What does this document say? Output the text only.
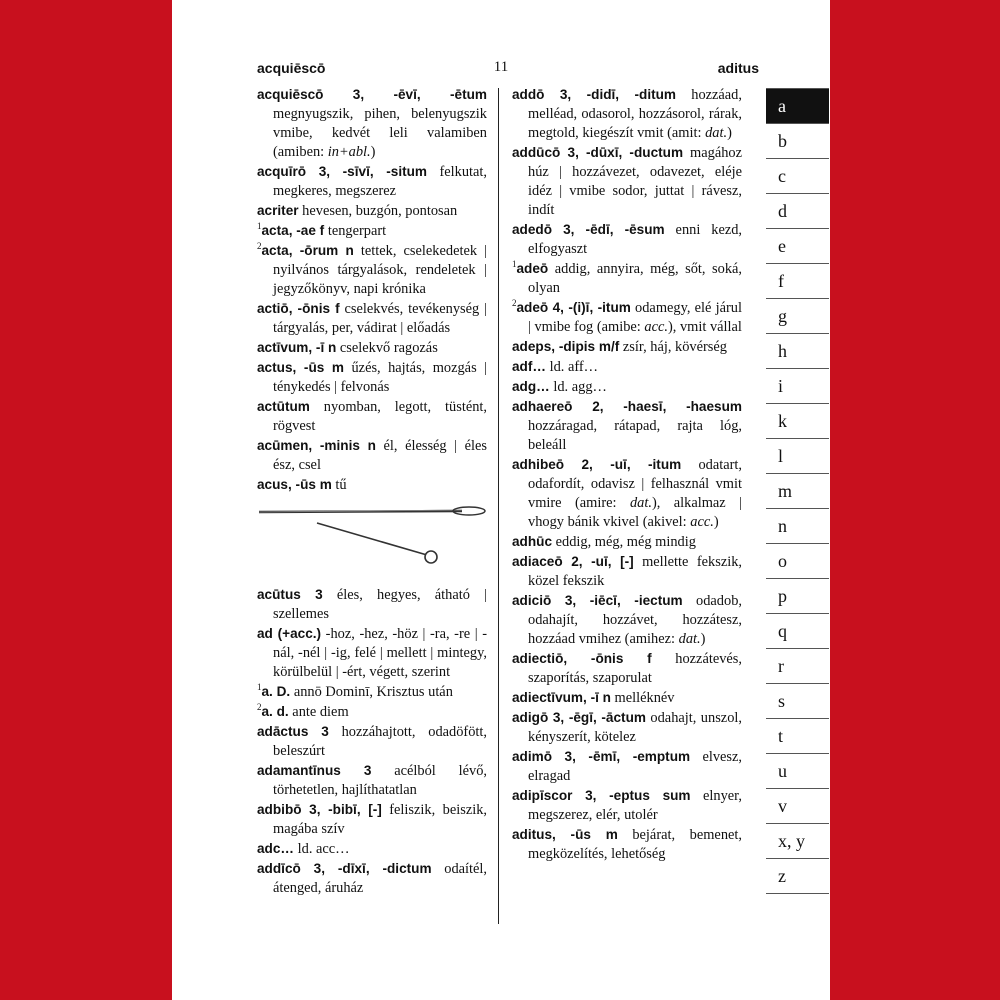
acquiēscō	11	aditus
acquiēscō 3, -ēvī, -ētum megnyugszik, pihen, belenyugszik vmibe, kedvét leli valamiben (amiben: in+abl.)
acquīrō 3, -sīvī, -situm felkutat, megkeres, megszerez
acriter hevesen, buzgón, pontosan
$^1$acta, -ae f tengerpart
$^2$acta, -ōrum n tettek, cselekedetek | nyilvános tárgyalások, rendeletek | jegyzőkönyv, napi krónika
actiō, -ōnis f cselekvés, tevékenység | tárgyalás, per, vádirat | előadás
actīvum, -ī n cselekvő ragozás
actus, -ūs m űzés, hajtás, mozgás | ténykedés | felvonás
actūtum nyomban, legott, tüstént, rögvest
acūmen, -minis n él, élesség | éles ész, csel
acus, -ūs m tű
acūtus 3 éles, hegyes, átható | szellemes
ad (+acc.) -hoz, -hez, -höz | -ra, -re | -nál, -nél | -ig, felé | mellett | mintegy, körülbelül | -ért, végett, szerint
$^1$a. D. annō Dominī, Krisztus után
$^2$a. d. ante diem
adāctus 3 hozzáhajtott, odadöfött, beleszúrt
adamantīnus 3 acélból lévő, törhetetlen, hajlíthatatlan
adbibō 3, -bibī, [-] feliszik, beiszik, magába szív
adc… ld. acc…
addīcō 3, -dīxī, -dictum odaítél, átenged, áruház
addō 3, -didī, -ditum hozzáad, melléad, odasorol, hozzásorol, rárak, megtold, kiegészít vmit (amit: dat.)
addūcō 3, -dūxī, -ductum magához húz | hozzávezet, odavezet, eléje idéz | vmibe sodor, juttat | rávesz, indít
adedō 3, -ēdī, -ēsum enni kezd, elfogyaszt
$^1$adeō addig, annyira, még, sőt, soká, olyan
$^2$adeō 4, -(i)ī, -itum odamegy, elé járul | vmibe fog (amibe: acc.), vmit vállal
adeps, -dipis m/f zsír, háj, kövérség
adf… ld. aff…
adg… ld. agg…
adhaereō 2, -haesī, -haesum hozzáragad, rátapad, rajta lóg, beleáll
adhibeō 2, -uī, -itum odatart, odafordít, odavisz | felhasznál vmit vmire (amire: dat.), alkalmaz | vhogy bánik vkivel (akivel: acc.)
adhūc eddig, még, még mindig
adiaceō 2, -uī, [-] mellette fekszik, közel fekszik
adiciō 3, -iēcī, -iectum odadob, odahajít, hozzávet, hozzátesz, hozzáad vmihez (amihez: dat.)
adiectiō, -ōnis f hozzátevés, szaporítás, szaporulat
adiectīvum, -ī n melléknév
adigō 3, -ēgī, -āctum odahajt, unszol, kényszerít, kötelez
adimō 3, -ēmī, -emptum elvesz, elragad
adipīscor 3, -eptus sum elnyer, megszerez, elér, utolér
aditus, -ūs m bejárat, bemenet, megközelítés, lehetőség
a
b
c
d
e
f
g
h
i
k
l
m
n
o
p
q
r
s
t
u
v
x, y
z
